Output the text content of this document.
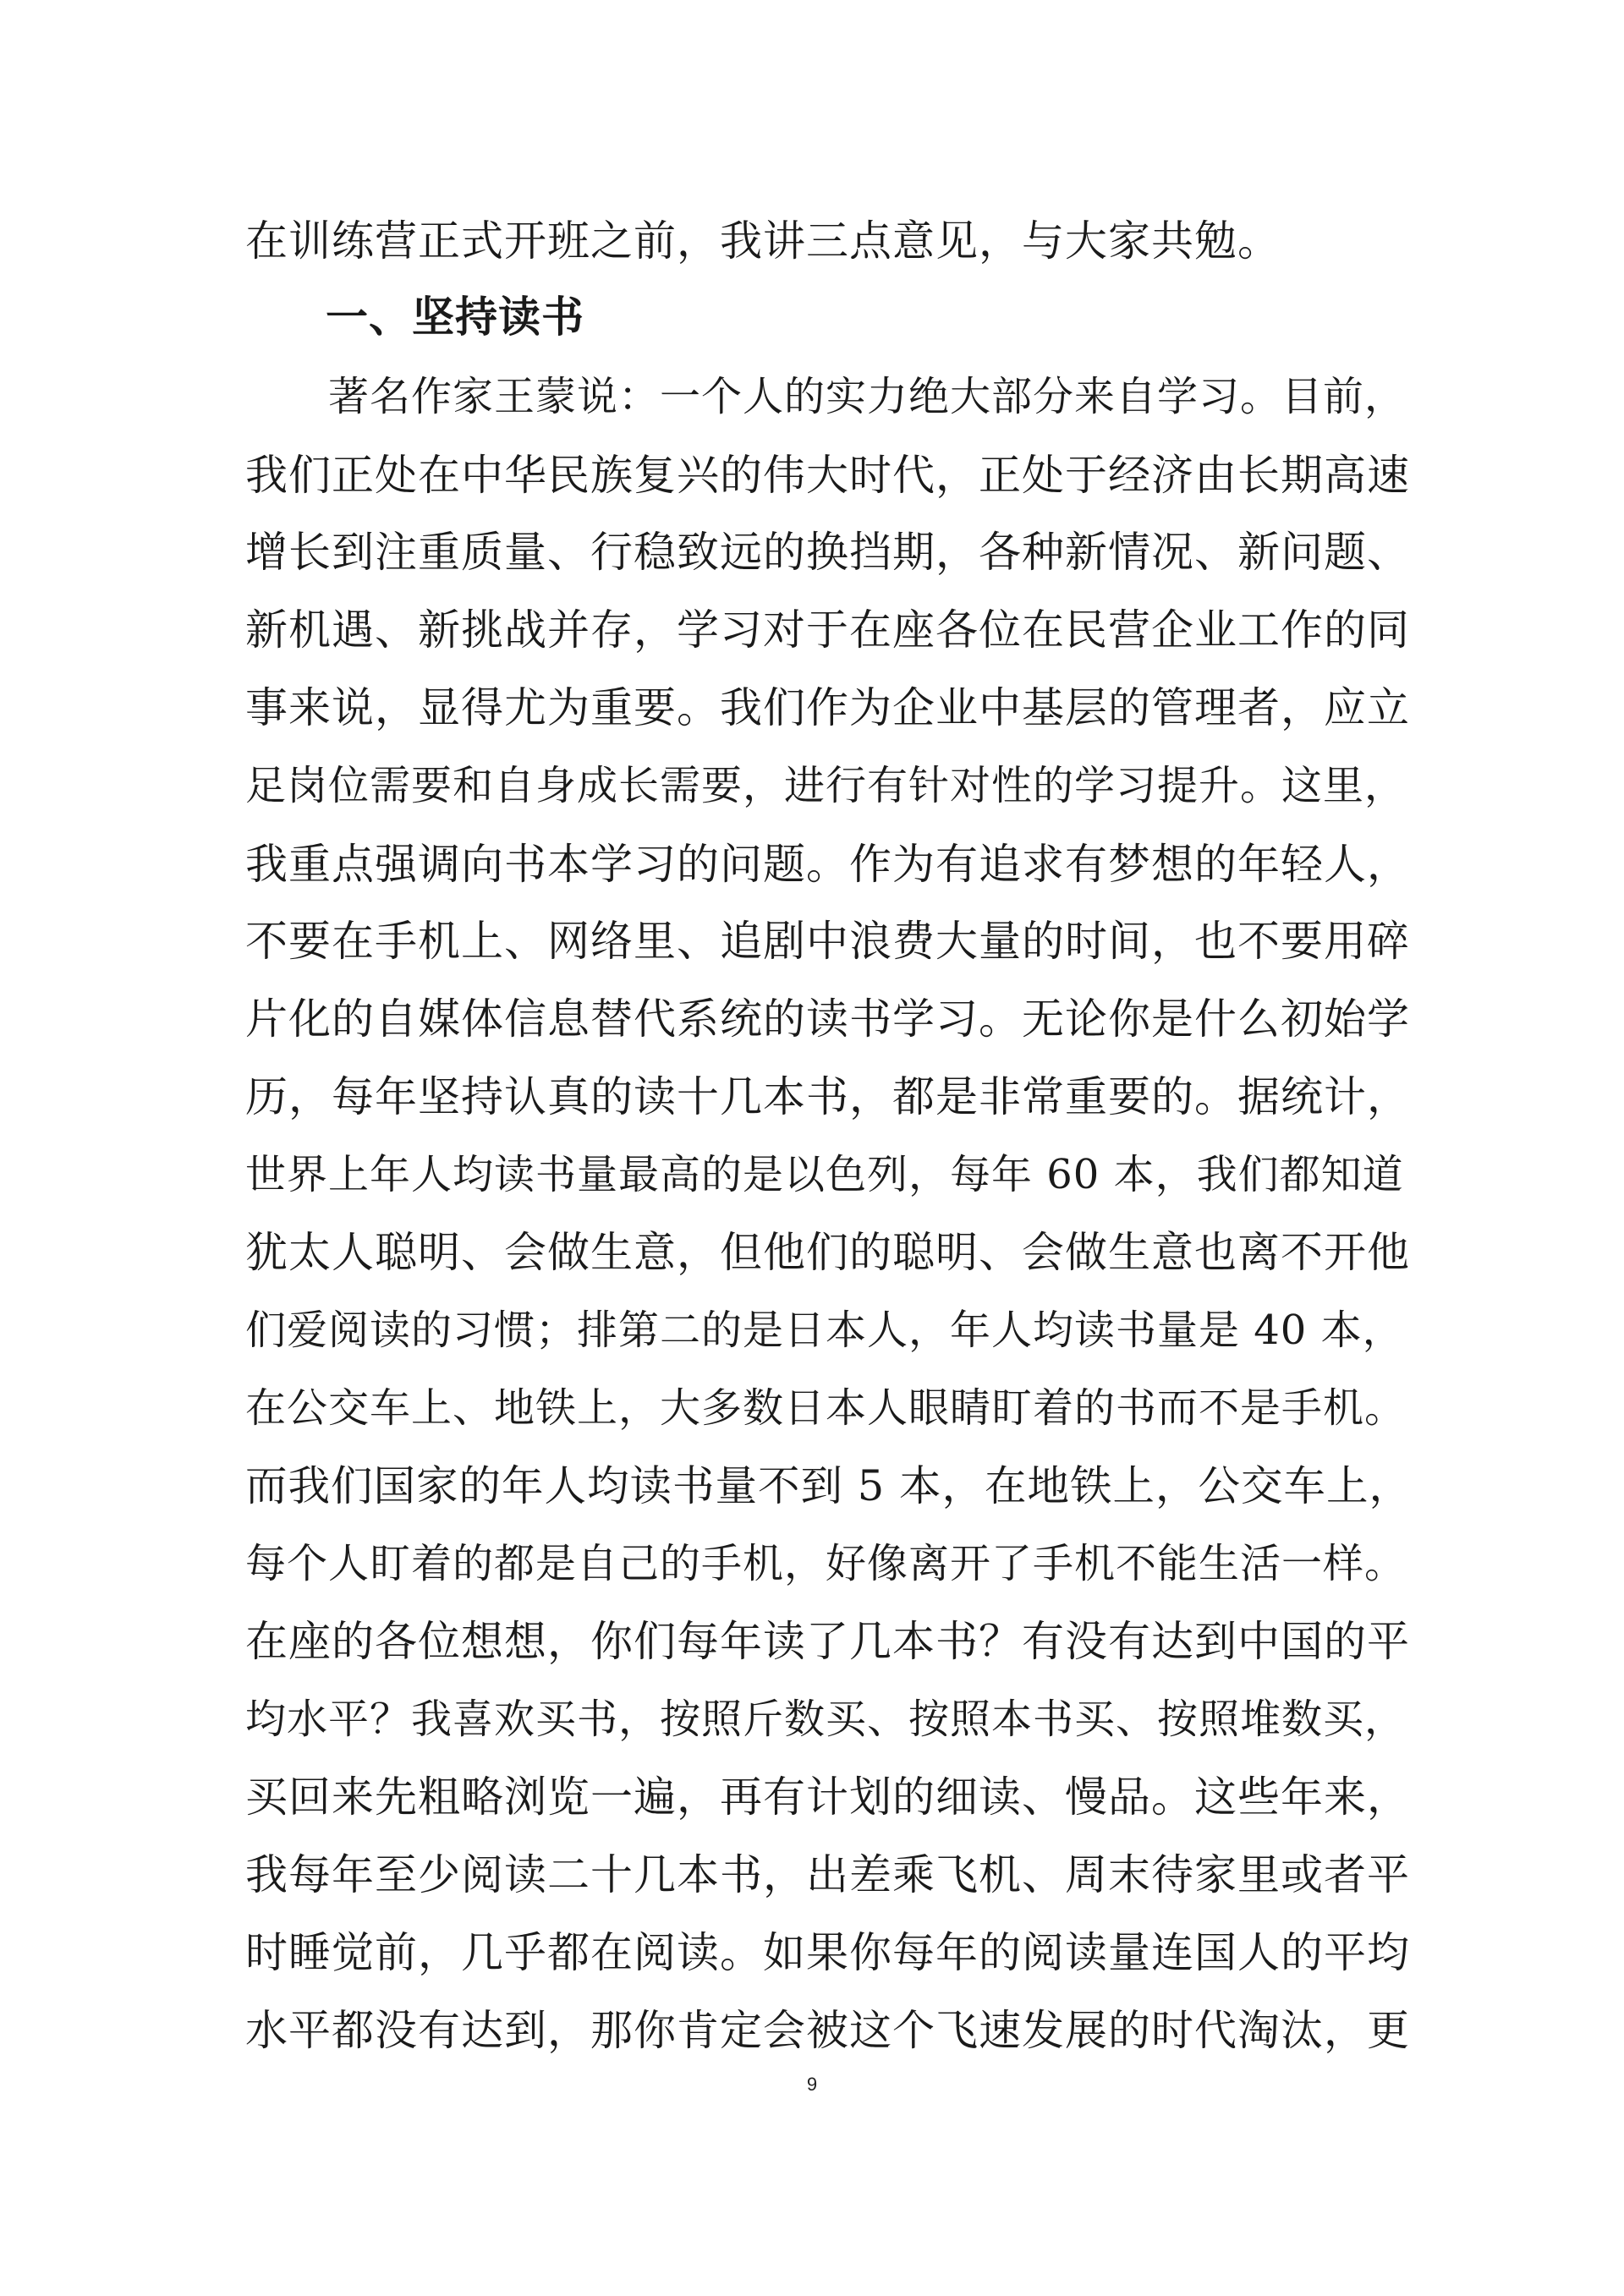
在训练营正式开班之前，我讲三点意见，与大家共勉。
一、坚持读书
著名作家王蒙说：一个人的实力绝大部分来自学习。目前，
我们正处在中华民族复兴的伟大时代，正处于经济由长期高速
增长到注重质量、行稳致远的换挡期，各种新情况、新问题、
新机遇、新挑战并存，学习对于在座各位在民营企业工作的同
事来说，显得尤为重要。我们作为企业中基层的管理者，应立
足岗位需要和自身成长需要，进行有针对性的学习提升。这里，
我重点强调向书本学习的问题。作为有追求有梦想的年轻人，
不要在手机上、网络里、追剧中浪费大量的时间，也不要用碎
片化的自媒体信息替代系统的读书学习。无论你是什么初始学
历，每年坚持认真的读十几本书，都是非常重要的。据统计，
世界上年人均读书量最高的是以色列，每年 60 本，我们都知道
犹太人聪明、会做生意，但他们的聪明、会做生意也离不开他
们爱阅读的习惯；排第二的是日本人，年人均读书量是 40 本，
在公交车上、地铁上，大多数日本人眼睛盯着的书而不是手机。
而我们国家的年人均读书量不到 5 本，在地铁上，公交车上，
每个人盯着的都是自己的手机，好像离开了手机不能生活一样。
在座的各位想想，你们每年读了几本书？有没有达到中国的平
均水平？我喜欢买书，按照斤数买、按照本书买、按照堆数买，
买回来先粗略浏览一遍，再有计划的细读、慢品。这些年来，
我每年至少阅读二十几本书，出差乘飞机、周末待家里或者平
时睡觉前，几乎都在阅读。如果你每年的阅读量连国人的平均
水平都没有达到，那你肯定会被这个飞速发展的时代淘汰，更
9
